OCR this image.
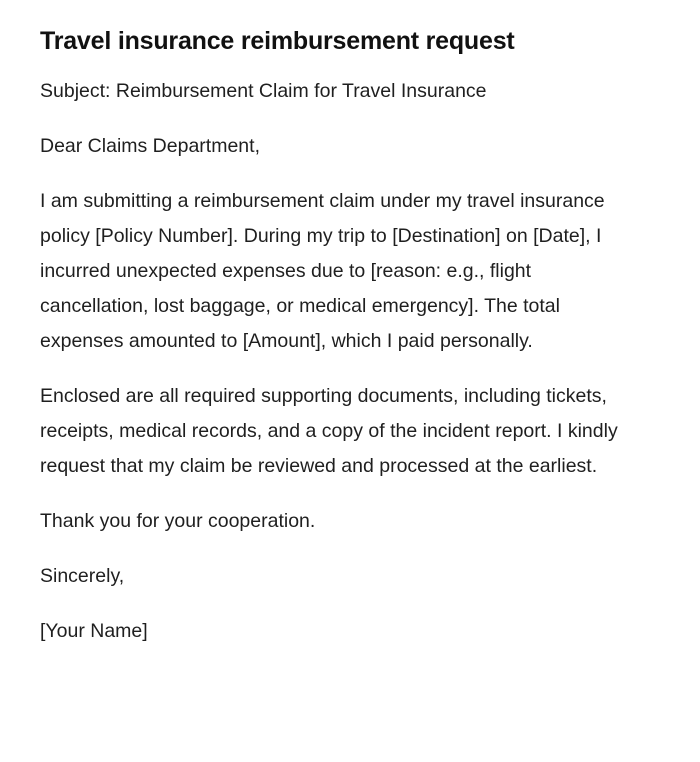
Travel insurance reimbursement request

Subject: Reimbursement Claim for Travel Insurance

Dear Claims Department,

I am submitting a reimbursement claim under my travel insurance policy [Policy Number]. During my trip to [Destination] on [Date], I incurred unexpected expenses due to [reason: e.g., flight cancellation, lost baggage, or medical emergency]. The total expenses amounted to [Amount], which I paid personally.

Enclosed are all required supporting documents, including tickets, receipts, medical records, and a copy of the incident report. I kindly request that my claim be reviewed and processed at the earliest.

Thank you for your cooperation.

Sincerely,

[Your Name]
